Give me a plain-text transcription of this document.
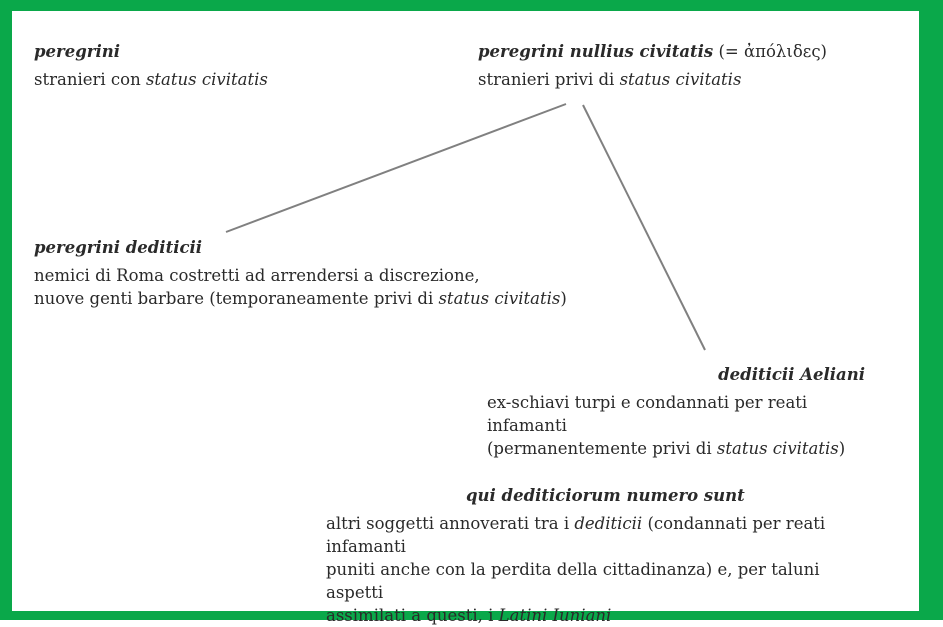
peregrini

stranieri con status civitatis

peregrini nullius civitatis (= ἀπόλιδες)

stranieri privi di status civitatis

peregrini dediticii

nemici di Roma costretti ad arrendersi a discrezione,

nuove genti barbare (temporaneamente privi di status civitatis)

dediticii Aeliani

ex-schiavi turpi e condannati per reati infamanti

(permanentemente privi di status civitatis)

qui dediticiorum numero sunt

altri soggetti annoverati tra i dediticii (condannati per reati infamanti

puniti anche con la perdita della cittadinanza) e, per taluni aspetti

assimilati a questi, i Latini Iuniani
